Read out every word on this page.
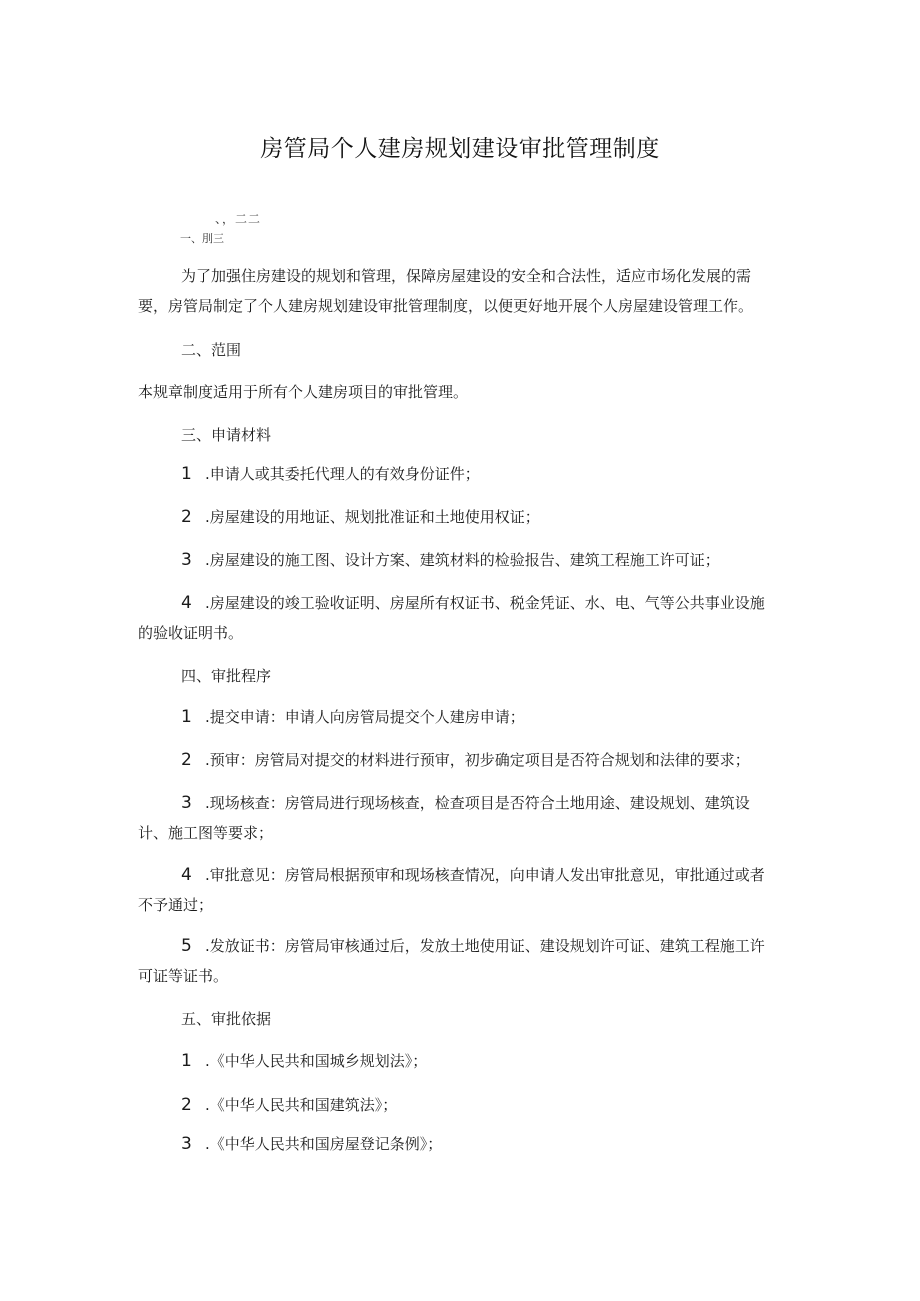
房管局个人建房规划建设审批管理制度
、，二二
一、刖三
为了加强住房建设的规划和管理，保障房屋建设的安全和合法性，适应市场化发展的需
要，房管局制定了个人建房规划建设审批管理制度，以便更好地开展个人房屋建设管理工作。
二、范围
本规章制度适用于所有个人建房项目的审批管理。
三、申请材料
1 .申请人或其委托代理人的有效身份证件；
2 .房屋建设的用地证、规划批准证和土地使用权证；
3 .房屋建设的施工图、设计方案、建筑材料的检验报告、建筑工程施工许可证；
4 .房屋建设的竣工验收证明、房屋所有权证书、税金凭证、水、电、气等公共事业设施
的验收证明书。
四、审批程序
1 .提交申请：申请人向房管局提交个人建房申请；
2 .预审：房管局对提交的材料进行预审，初步确定项目是否符合规划和法律的要求；
3 .现场核查：房管局进行现场核查，检查项目是否符合土地用途、建设规划、建筑设
计、施工图等要求；
4 .审批意见：房管局根据预审和现场核查情况，向申请人发出审批意见，审批通过或者
不予通过；
5 .发放证书：房管局审核通过后，发放土地使用证、建设规划许可证、建筑工程施工许
可证等证书。
五、审批依据
1 .《中华人民共和国城乡规划法》；
2 .《中华人民共和国建筑法》；
3 .《中华人民共和国房屋登记条例》；
